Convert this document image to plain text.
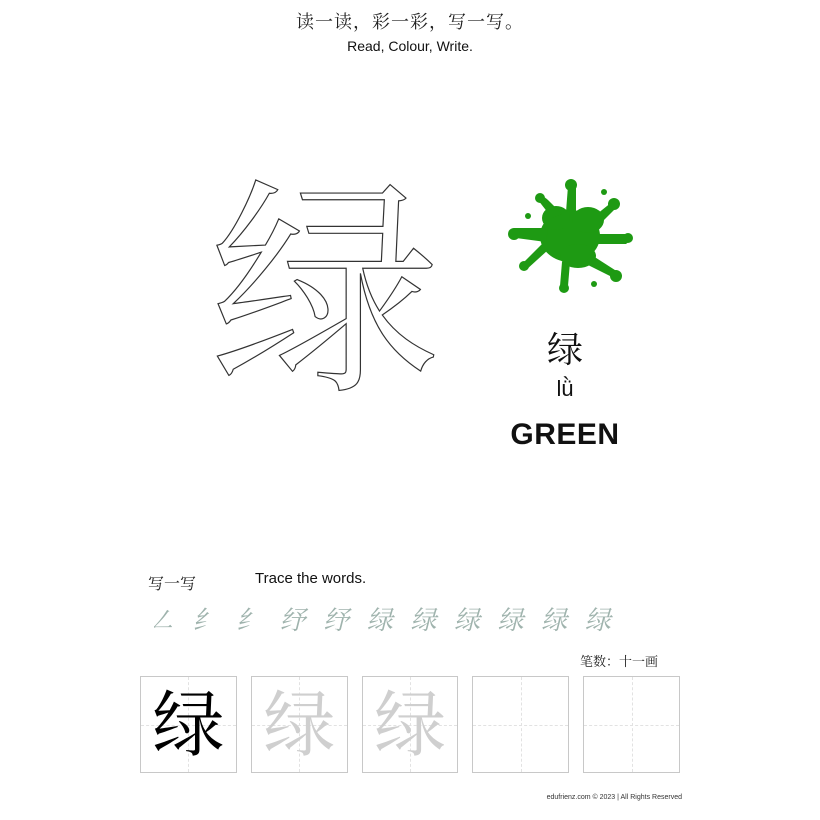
读一读，彩一彩，写一写。
Read, Colour, Write.
绿	绿
lǜ
GREEN
写一写	Trace the words.
㇜ 纟 纟 纾 纾 绿 绿 绿 绿 绿 绿
笔数：十一画
绿 绿 绿
edufrienz.com © 2023 | All Rights Reserved
